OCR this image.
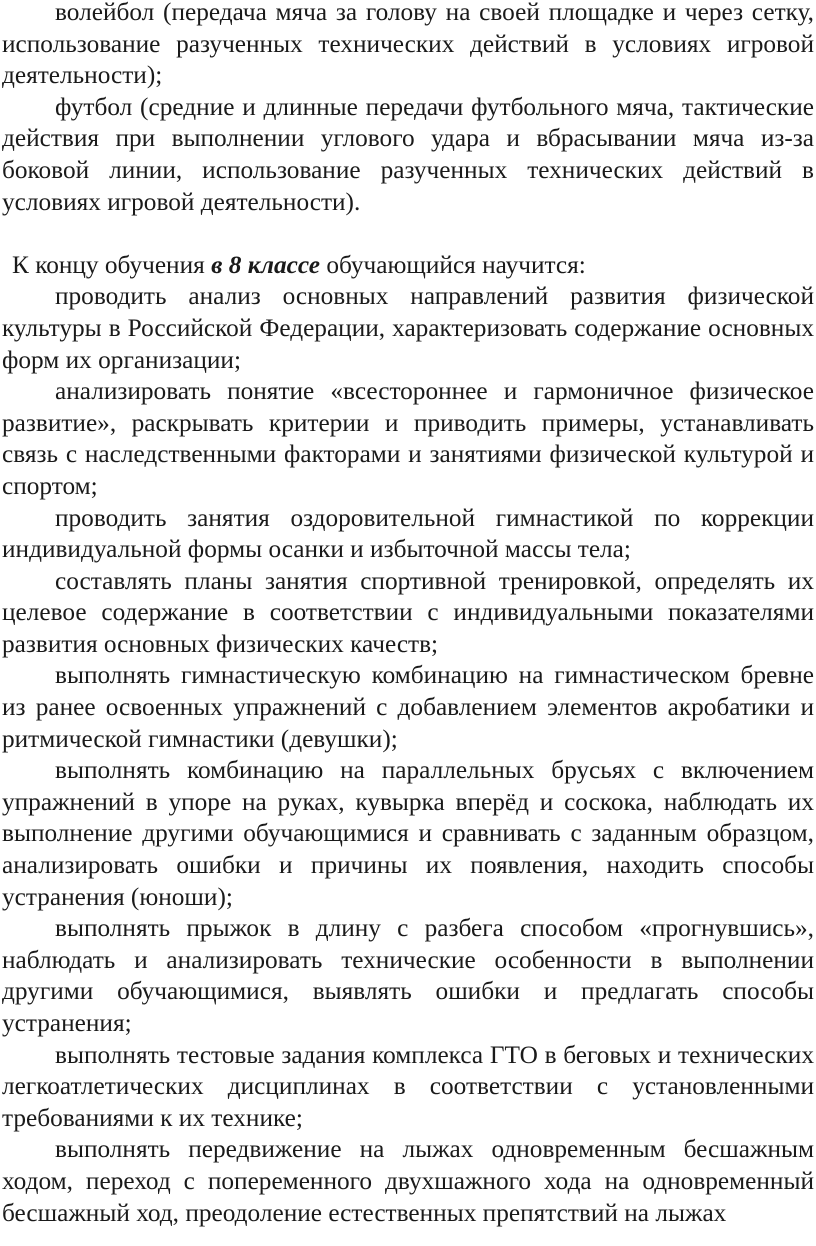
волейбол (передача мяча за голову на своей площадке и через сетку, использование разученных технических действий в условиях игровой деятельности);

футбол (средние и длинные передачи футбольного мяча, тактические действия при выполнении углового удара и вбрасывании мяча из-за боковой линии, использование разученных технических действий в условиях игровой деятельности).

К концу обучения в 8 классе обучающийся научится:

проводить анализ основных направлений развития физической культуры в Российской Федерации, характеризовать содержание основных форм их организации;

анализировать понятие «всестороннее и гармоничное физическое развитие», раскрывать критерии и приводить примеры, устанавливать связь с наследственными факторами и занятиями физической культурой и спортом;

проводить занятия оздоровительной гимнастикой по коррекции индивидуальной формы осанки и избыточной массы тела;

составлять планы занятия спортивной тренировкой, определять их целевое содержание в соответствии с индивидуальными показателями развития основных физических качеств;

выполнять гимнастическую комбинацию на гимнастическом бревне из ранее освоенных упражнений с добавлением элементов акробатики и ритмической гимнастики (девушки);

выполнять комбинацию на параллельных брусьях с включением упражнений в упоре на руках, кувырка вперёд и соскока, наблюдать их выполнение другими обучающимися и сравнивать с заданным образцом, анализировать ошибки и причины их появления, находить способы устранения (юноши);

выполнять прыжок в длину с разбега способом «прогнувшись», наблюдать и анализировать технические особенности в выполнении другими обучающимися, выявлять ошибки и предлагать способы устранения;

выполнять тестовые задания комплекса ГТО в беговых и технических легкоатлетических дисциплинах в соответствии с установленными требованиями к их технике;

выполнять передвижение на лыжах одновременным бесшажным ходом, переход с попеременного двухшажного хода на одновременный бесшажный ход, преодоление естественных препятствий на лыжах
